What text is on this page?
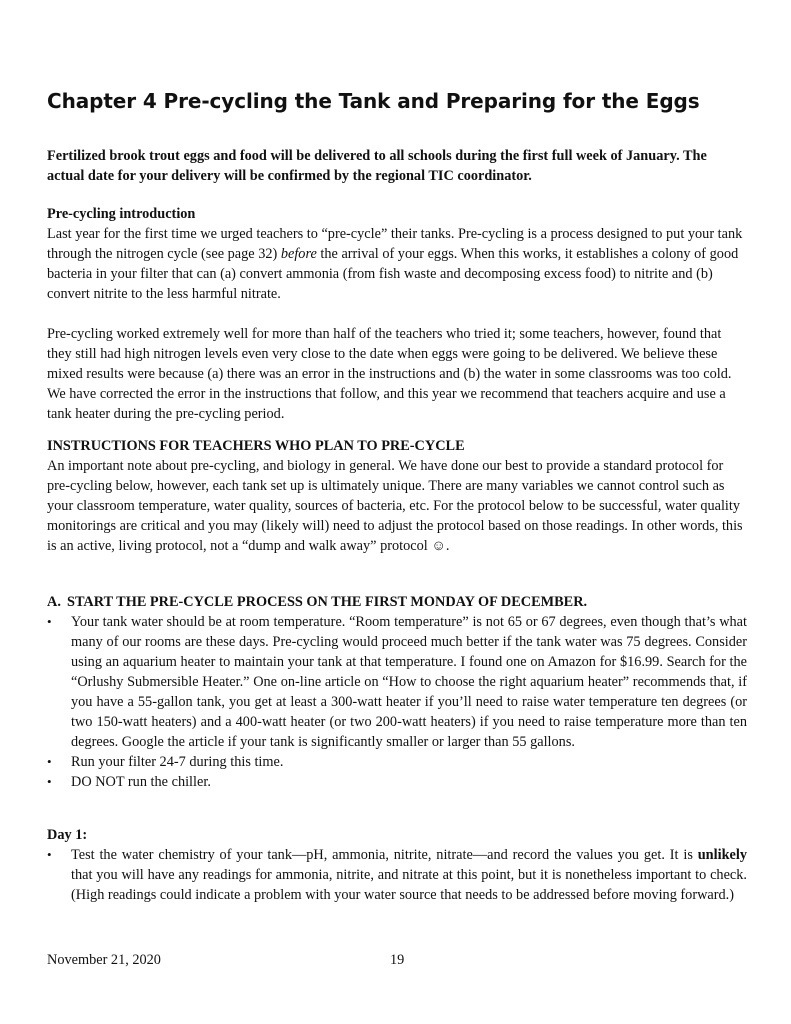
Chapter 4 Pre-cycling the Tank and Preparing for the Eggs

Fertilized brook trout eggs and food will be delivered to all schools during the first full week of January. The actual date for your delivery will be confirmed by the regional TIC coordinator.

Pre-cycling introduction

Last year for the first time we urged teachers to “pre-cycle” their tanks. Pre-cycling is a process designed to put your tank through the nitrogen cycle (see page 32) before the arrival of your eggs. When this works, it establishes a colony of good bacteria in your filter that can (a) convert ammonia (from fish waste and decomposing excess food) to nitrite and (b) convert nitrite to the less harmful nitrate.

Pre-cycling worked extremely well for more than half of the teachers who tried it; some teachers, however, found that they still had high nitrogen levels even very close to the date when eggs were going to be delivered. We believe these mixed results were because (a) there was an error in the instructions and (b) the water in some classrooms was too cold. We have corrected the error in the instructions that follow, and this year we recommend that teachers acquire and use a tank heater during the pre-cycling period.

INSTRUCTIONS FOR TEACHERS WHO PLAN TO PRE-CYCLE

An important note about pre-cycling, and biology in general. We have done our best to provide a standard protocol for pre-cycling below, however, each tank set up is ultimately unique. There are many variables we cannot control such as your classroom temperature, water quality, sources of bacteria, etc. For the protocol below to be successful, water quality monitorings are critical and you may (likely will) need to adjust the protocol based on those readings. In other words, this is an active, living protocol, not a “dump and walk away” protocol ☺.

A. START THE PRE-CYCLE PROCESS ON THE FIRST MONDAY OF DECEMBER.

• Your tank water should be at room temperature. “Room temperature” is not 65 or 67 degrees, even though that’s what many of our rooms are these days. Pre-cycling would proceed much better if the tank water was 75 degrees. Consider using an aquarium heater to maintain your tank at that temperature. I found one on Amazon for $16.99. Search for the “Orlushy Submersible Heater.” One on-line article on “How to choose the right aquarium heater” recommends that, if you have a 55-gallon tank, you get at least a 300-watt heater if you’ll need to raise water temperature ten degrees (or two 150-watt heaters) and a 400-watt heater (or two 200-watt heaters) if you need to raise temperature more than ten degrees. Google the article if your tank is significantly smaller or larger than 55 gallons.
• Run your filter 24-7 during this time.
• DO NOT run the chiller.

Day 1:

• Test the water chemistry of your tank—pH, ammonia, nitrite, nitrate—and record the values you get. It is unlikely that you will have any readings for ammonia, nitrite, and nitrate at this point, but it is nonetheless important to check. (High readings could indicate a problem with your water source that needs to be addressed before moving forward.)
November 21, 2020	19
